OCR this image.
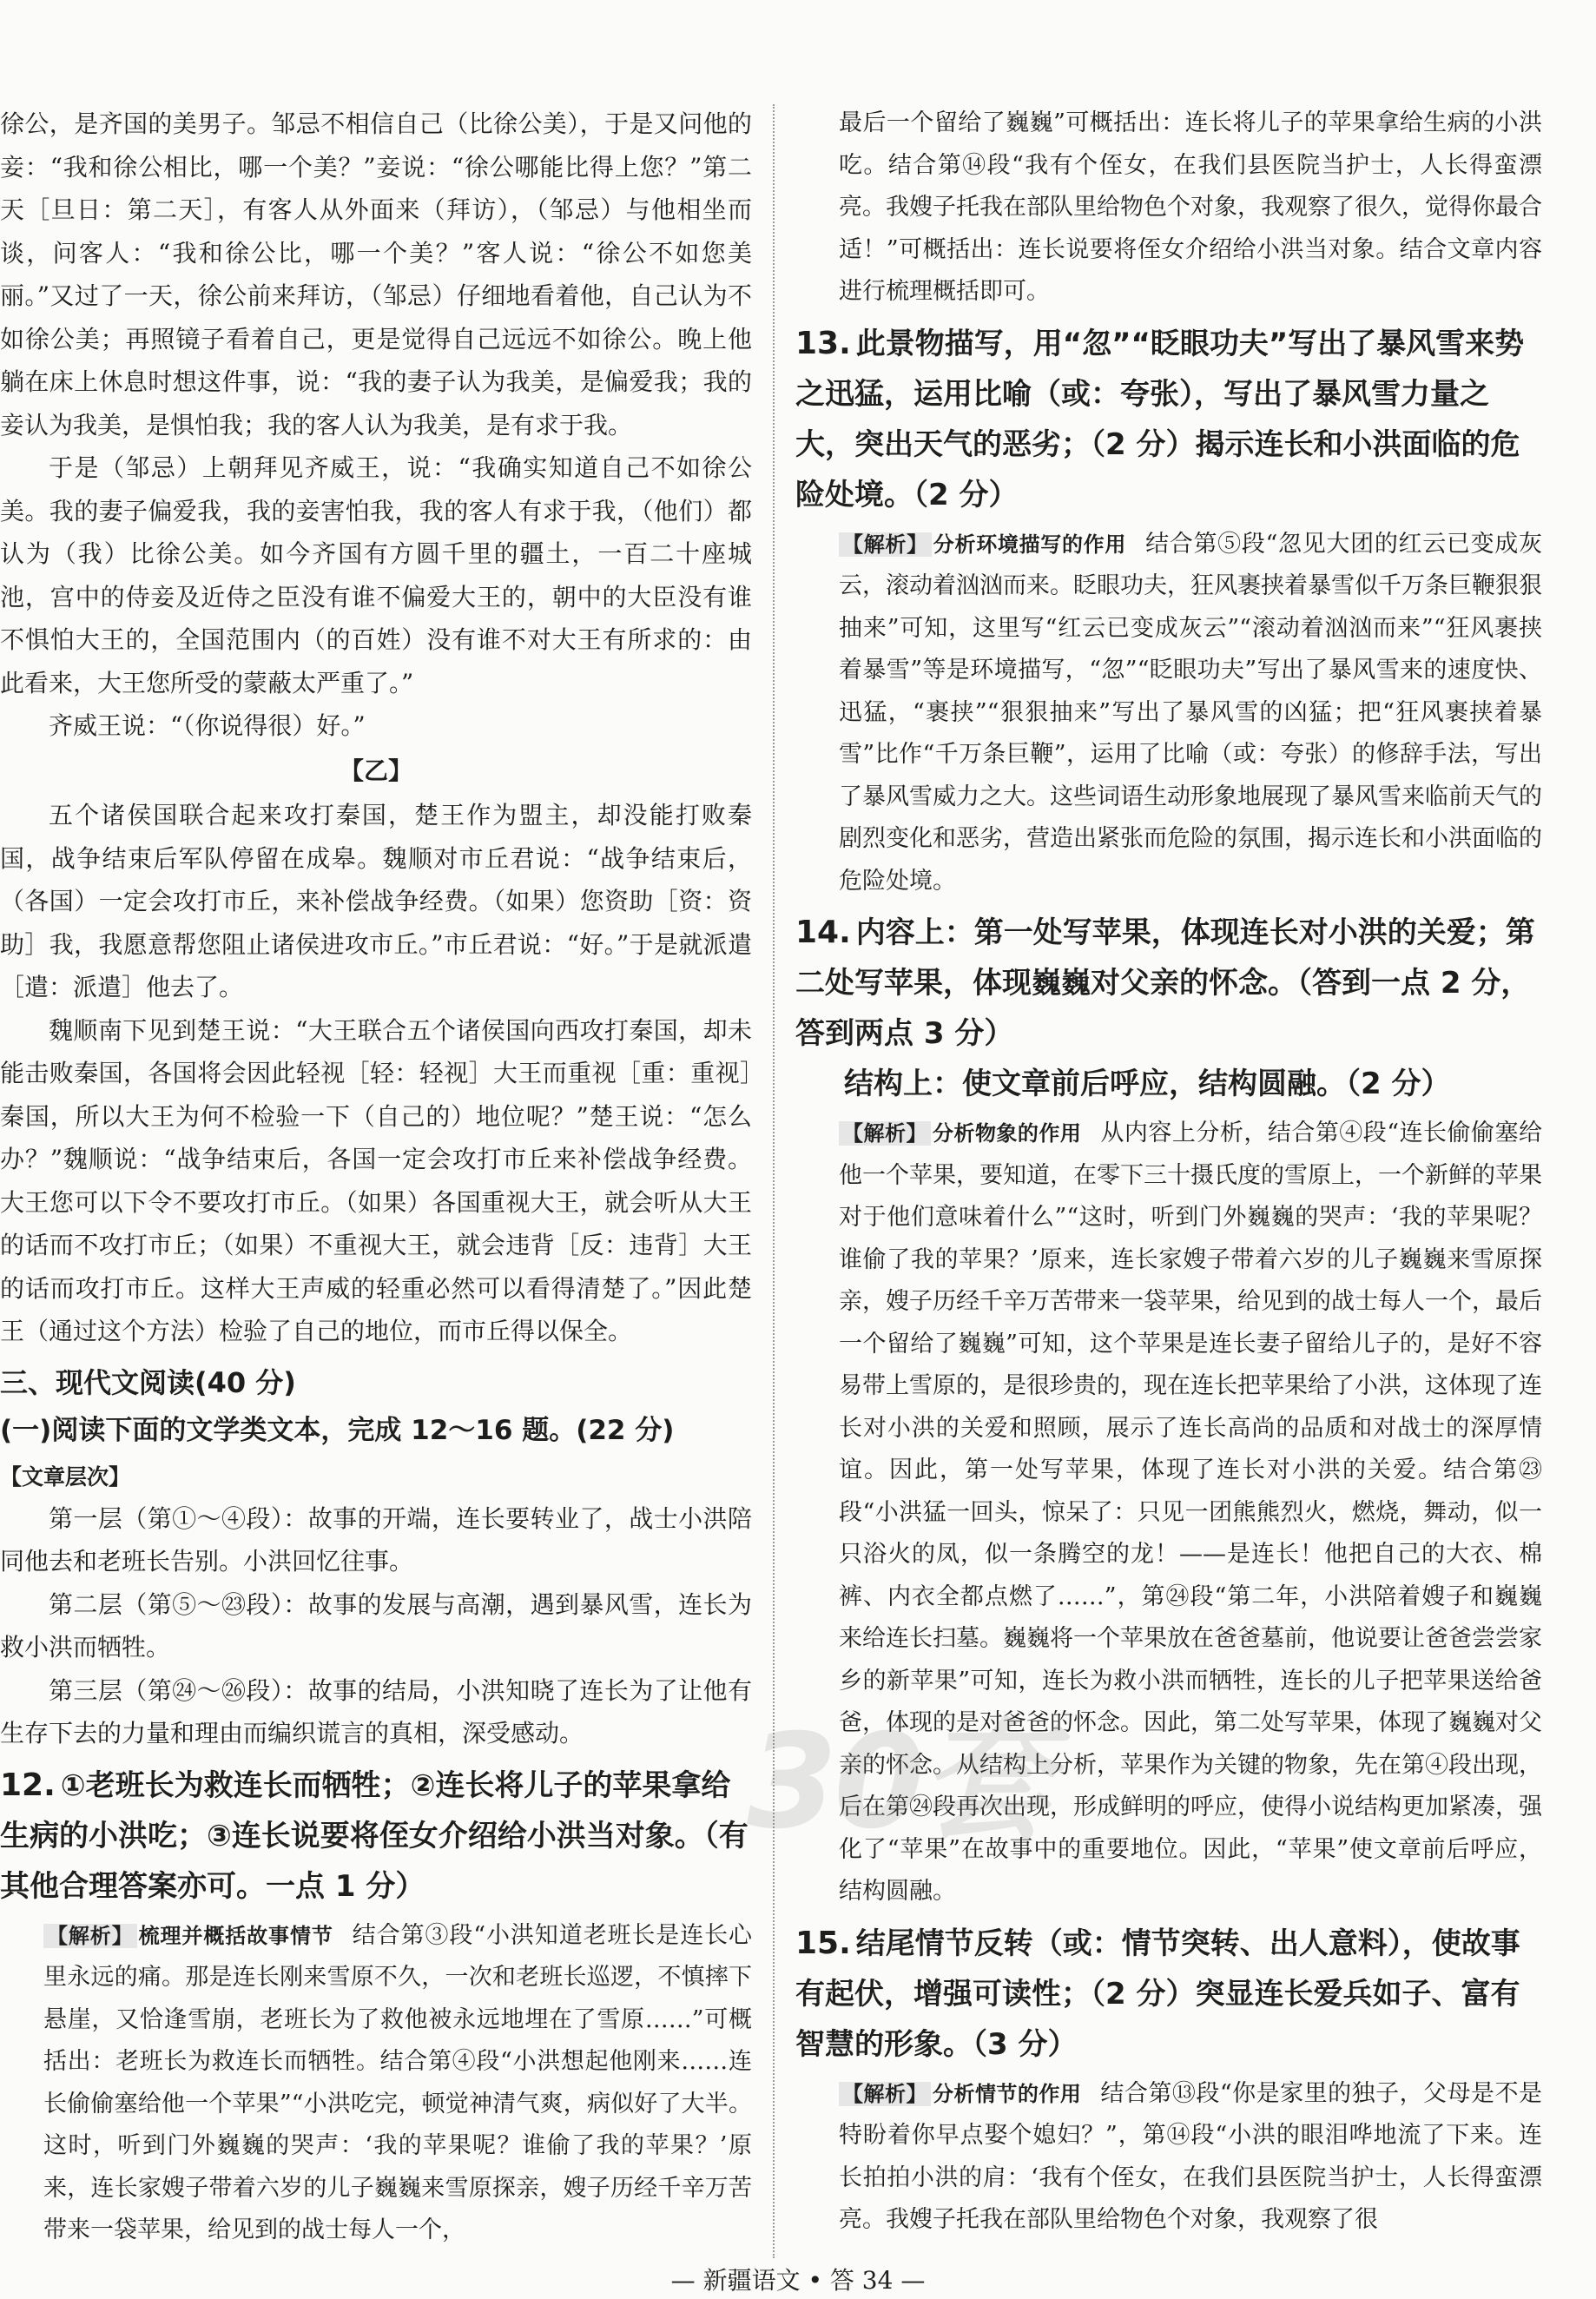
徐公，是齐国的美男子。邹忌不相信自己（比徐公美），于是又问他的妾：“我和徐公相比，哪一个美？”妾说：“徐公哪能比得上您？”第二天［旦日：第二天］，有客人从外面来（拜访），（邹忌）与他相坐而谈，问客人：“我和徐公比，哪一个美？”客人说：“徐公不如您美丽。”又过了一天，徐公前来拜访，（邹忌）仔细地看着他，自己认为不如徐公美；再照镜子看着自己，更是觉得自己远远不如徐公。晚上他躺在床上休息时想这件事，说：“我的妻子认为我美，是偏爱我；我的妾认为我美，是惧怕我；我的客人认为我美，是有求于我。

于是（邹忌）上朝拜见齐威王，说：“我确实知道自己不如徐公美。我的妻子偏爱我，我的妾害怕我，我的客人有求于我，（他们）都认为（我）比徐公美。如今齐国有方圆千里的疆土，一百二十座城池，宫中的侍妾及近侍之臣没有谁不偏爱大王的，朝中的大臣没有谁不惧怕大王的，全国范围内（的百姓）没有谁不对大王有所求的：由此看来，大王您所受的蒙蔽太严重了。”

齐威王说：“（你说得很）好。”

【乙】

五个诸侯国联合起来攻打秦国，楚王作为盟主，却没能打败秦国，战争结束后军队停留在成皋。魏顺对市丘君说：“战争结束后，（各国）一定会攻打市丘，来补偿战争经费。（如果）您资助［资：资助］我，我愿意帮您阻止诸侯进攻市丘。”市丘君说：“好。”于是就派遣［遣：派遣］他去了。

魏顺南下见到楚王说：“大王联合五个诸侯国向西攻打秦国，却未能击败秦国，各国将会因此轻视［轻：轻视］大王而重视［重：重视］秦国，所以大王为何不检验一下（自己的）地位呢？”楚王说：“怎么办？”魏顺说：“战争结束后，各国一定会攻打市丘来补偿战争经费。大王您可以下令不要攻打市丘。（如果）各国重视大王，就会听从大王的话而不攻打市丘；（如果）不重视大王，就会违背［反：违背］大王的话而攻打市丘。这样大王声威的轻重必然可以看得清楚了。”因此楚王（通过这个方法）检验了自己的地位，而市丘得以保全。

三、现代文阅读(40 分)

(一)阅读下面的文学类文本，完成 12～16 题。(22 分)

【文章层次】

第一层（第①～④段）：故事的开端，连长要转业了，战士小洪陪同他去和老班长告别。小洪回忆往事。

第二层（第⑤～㉓段）：故事的发展与高潮，遇到暴风雪，连长为救小洪而牺牲。

第三层（第㉔～㉖段）：故事的结局，小洪知晓了连长为了让他有生存下去的力量和理由而编织谎言的真相，深受感动。

12. ①老班长为救连长而牺牲；②连长将儿子的苹果拿给生病的小洪吃；③连长说要将侄女介绍给小洪当对象。（有其他合理答案亦可。一点 1 分）

【解析】 梳理并概括故事情节 结合第③段“小洪知道老班长是连长心里永远的痛。那是连长刚来雪原不久，一次和老班长巡逻，不慎摔下悬崖，又恰逢雪崩，老班长为了救他被永远地埋在了雪原……”可概括出：老班长为救连长而牺牲。结合第④段“小洪想起他刚来……连长偷偷塞给他一个苹果”“小洪吃完，顿觉神清气爽，病似好了大半。这时，听到门外巍巍的哭声：‘我的苹果呢？谁偷了我的苹果？’原来，连长家嫂子带着六岁的儿子巍巍来雪原探亲，嫂子历经千辛万苦带来一袋苹果，给见到的战士每人一个，

最后一个留给了巍巍”可概括出：连长将儿子的苹果拿给生病的小洪吃。结合第⑭段“我有个侄女，在我们县医院当护士，人长得蛮漂亮。我嫂子托我在部队里给物色个对象，我观察了很久，觉得你最合适！”可概括出：连长说要将侄女介绍给小洪当对象。结合文章内容进行梳理概括即可。

13. 此景物描写，用“忽”“眨眼功夫”写出了暴风雪来势之迅猛，运用比喻（或：夸张），写出了暴风雪力量之大，突出天气的恶劣；（2 分）揭示连长和小洪面临的危险处境。（2 分）

【解析】 分析环境描写的作用 结合第⑤段“忽见大团的红云已变成灰云，滚动着汹汹而来。眨眼功夫，狂风裹挟着暴雪似千万条巨鞭狠狠抽来”可知，这里写“红云已变成灰云”“滚动着汹汹而来”“狂风裹挟着暴雪”等是环境描写，“忽”“眨眼功夫”写出了暴风雪来的速度快、迅猛，“裹挟”“狠狠抽来”写出了暴风雪的凶猛；把“狂风裹挟着暴雪”比作“千万条巨鞭”，运用了比喻（或：夸张）的修辞手法，写出了暴风雪威力之大。这些词语生动形象地展现了暴风雪来临前天气的剧烈变化和恶劣，营造出紧张而危险的氛围，揭示连长和小洪面临的危险处境。

14. 内容上：第一处写苹果，体现连长对小洪的关爱；第二处写苹果，体现巍巍对父亲的怀念。（答到一点 2 分，答到两点 3 分）
结构上：使文章前后呼应，结构圆融。（2 分）

【解析】 分析物象的作用 从内容上分析，结合第④段“连长偷偷塞给他一个苹果，要知道，在零下三十摄氏度的雪原上，一个新鲜的苹果对于他们意味着什么”“这时，听到门外巍巍的哭声：‘我的苹果呢？谁偷了我的苹果？’原来，连长家嫂子带着六岁的儿子巍巍来雪原探亲，嫂子历经千辛万苦带来一袋苹果，给见到的战士每人一个，最后一个留给了巍巍”可知，这个苹果是连长妻子留给儿子的，是好不容易带上雪原的，是很珍贵的，现在连长把苹果给了小洪，这体现了连长对小洪的关爱和照顾，展示了连长高尚的品质和对战士的深厚情谊。因此，第一处写苹果，体现了连长对小洪的关爱。结合第㉓段“小洪猛一回头，惊呆了：只见一团熊熊烈火，燃烧，舞动，似一只浴火的凤，似一条腾空的龙！——是连长！他把自己的大衣、棉裤、内衣全都点燃了……”，第㉔段“第二年，小洪陪着嫂子和巍巍来给连长扫墓。巍巍将一个苹果放在爸爸墓前，他说要让爸爸尝尝家乡的新苹果”可知，连长为救小洪而牺牲，连长的儿子把苹果送给爸爸，体现的是对爸爸的怀念。因此，第二处写苹果，体现了巍巍对父亲的怀念。从结构上分析，苹果作为关键的物象，先在第④段出现，后在第㉔段再次出现，形成鲜明的呼应，使得小说结构更加紧凑，强化了“苹果”在故事中的重要地位。因此，“苹果”使文章前后呼应，结构圆融。

15. 结尾情节反转（或：情节突转、出人意料），使故事有起伏，增强可读性；（2 分）突显连长爱兵如子、富有智慧的形象。（3 分）

【解析】 分析情节的作用 结合第⑬段“你是家里的独子，父母是不是特盼着你早点娶个媳妇？”，第⑭段“小洪的眼泪哗地流了下来。连长拍拍小洪的肩：‘我有个侄女，在我们县医院当护士，人长得蛮漂亮。我嫂子托我在部队里给物色个对象，我观察了很

30套
— 新疆语文 • 答 34 —
